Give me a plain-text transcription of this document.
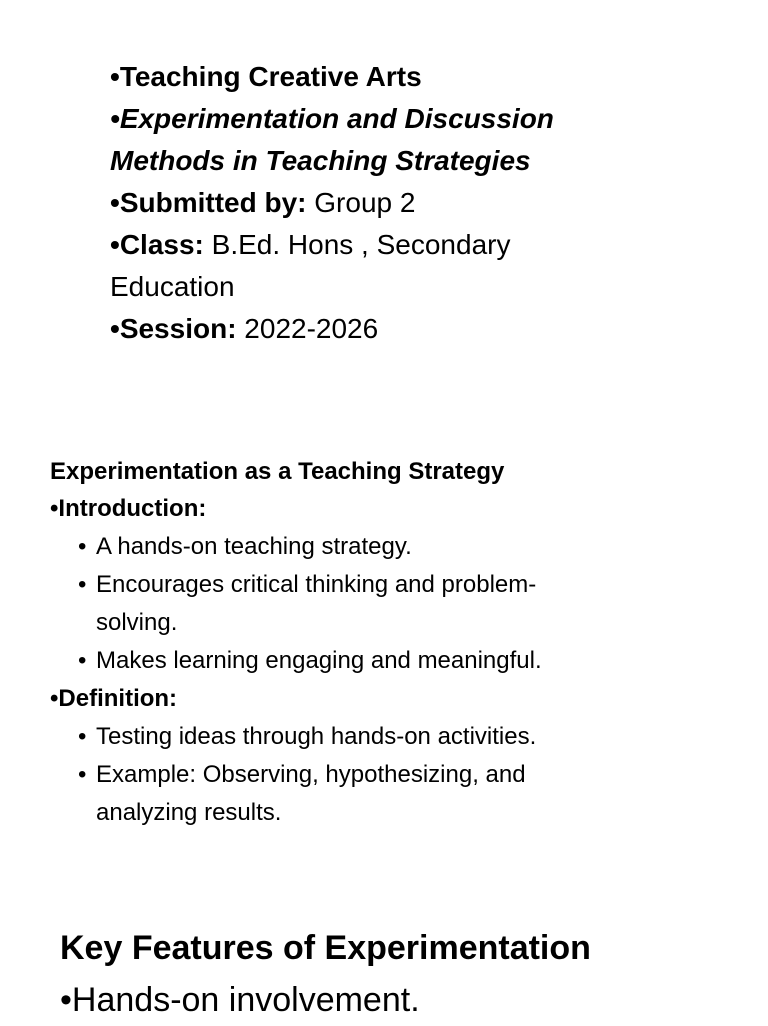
•Teaching Creative Arts
•Experimentation and Discussion
Methods in Teaching Strategies
•Submitted by: Group 2
•Class: B.Ed. Hons , Secondary
Education
•Session: 2022-2026
Experimentation as a Teaching Strategy
•Introduction:
• A hands-on teaching strategy.
• Encourages critical thinking and problem-
solving.
• Makes learning engaging and meaningful.
•Definition:
• Testing ideas through hands-on activities.
• Example: Observing, hypothesizing, and
analyzing results.
Key Features of Experimentation
•Hands-on involvement.
